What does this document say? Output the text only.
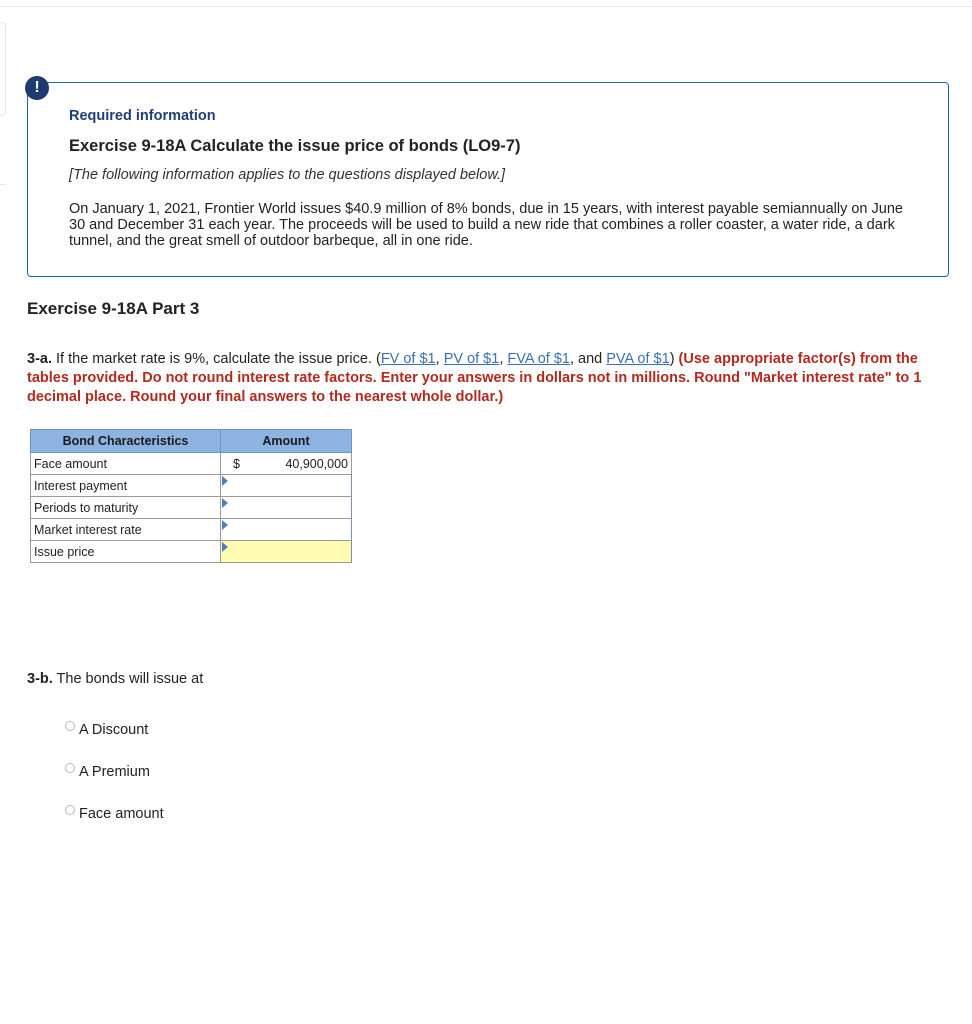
!
Required information
Exercise 9-18A Calculate the issue price of bonds (LO9-7)
[The following information applies to the questions displayed below.]
On January 1, 2021, Frontier World issues $40.9 million of 8% bonds, due in 15 years, with interest payable semiannually on June 30 and December 31 each year. The proceeds will be used to build a new ride that combines a roller coaster, a water ride, a dark tunnel, and the great smell of outdoor barbeque, all in one ride.
Exercise 9-18A Part 3
3-a. If the market rate is 9%, calculate the issue price. (FV of $1, PV of $1, FVA of $1, and PVA of $1) (Use appropriate factor(s) from the tables provided. Do not round interest rate factors. Enter your answers in dollars not in millions. Round "Market interest rate" to 1 decimal place. Round your final answers to the nearest whole dollar.)
Bond Characteristics	Amount
Face amount	$ 40,900,000

Interest payment	

Periods to maturity	

Market interest rate	

Issue price	
3-b. The bonds will issue at
A Discount
A Premium
Face amount
